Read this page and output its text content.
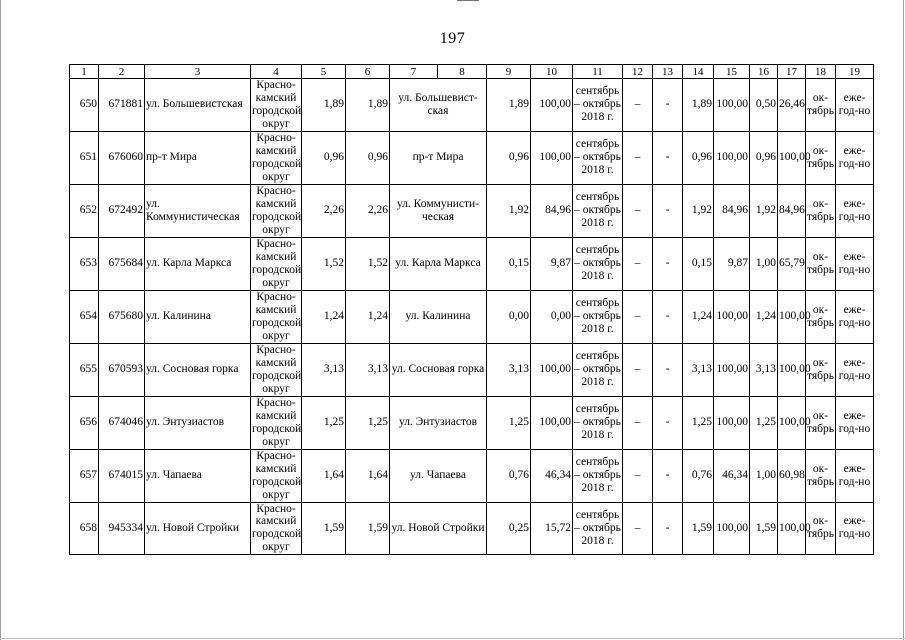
197
1	2	3	4	5	6	7	8	9	10	11	12	13	14	15	16	17	18	19
650	671881	ул. Большевистская	Красно-камский городской округ	1,89	1,89	ул. Большевист-ская		1,89	100,00	сентябрь – октябрь 2018 г.	–	-	1,89	100,00	0,50	26,46	ок-тябрь	еже-год-но
651	676060	пр-т Мира	Красно-камский городской округ	0,96	0,96	пр-т Мира		0,96	100,00	сентябрь – октябрь 2018 г.	–	-	0,96	100,00	0,96	100,00	ок-тябрь	еже-год-но
652	672492	ул. Коммунистическая	Красно-камский городской округ	2,26	2,26	ул. Коммунисти-ческая		1,92	84,96	сентябрь – октябрь 2018 г.	–	-	1,92	84,96	1,92	84,96	ок-тябрь	еже-год-но
653	675684	ул. Карла Маркса	Красно-камский городской округ	1,52	1,52	ул. Карла Маркса		0,15	9,87	сентябрь – октябрь 2018 г.	–	-	0,15	9,87	1,00	65,79	ок-тябрь	еже-год-но
654	675680	ул. Калинина	Красно-камский городской округ	1,24	1,24	ул. Калинина		0,00	0,00	сентябрь – октябрь 2018 г.	–	-	1,24	100,00	1,24	100,00	ок-тябрь	еже-год-но
655	670593	ул. Сосновая горка	Красно-камский городской округ	3,13	3,13	ул. Сосновая горка		3,13	100,00	сентябрь – октябрь 2018 г.	–	-	3,13	100,00	3,13	100,00	ок-тябрь	еже-год-но
656	674046	ул. Энтузиастов	Красно-камский городской округ	1,25	1,25	ул. Энтузиастов		1,25	100,00	сентябрь – октябрь 2018 г.	–	-	1,25	100,00	1,25	100,00	ок-тябрь	еже-год-но
657	674015	ул. Чапаева	Красно-камский городской округ	1,64	1,64	ул. Чапаева		0,76	46,34	сентябрь – октябрь 2018 г.	–	-	0,76	46,34	1,00	60,98	ок-тябрь	еже-год-но
658	945334	ул. Новой Стройки	Красно-камский городской округ	1,59	1,59	ул. Новой Стройки		0,25	15,72	сентябрь – октябрь 2018 г.	–	-	1,59	100,00	1,59	100,00	ок-тябрь	еже-год-но
